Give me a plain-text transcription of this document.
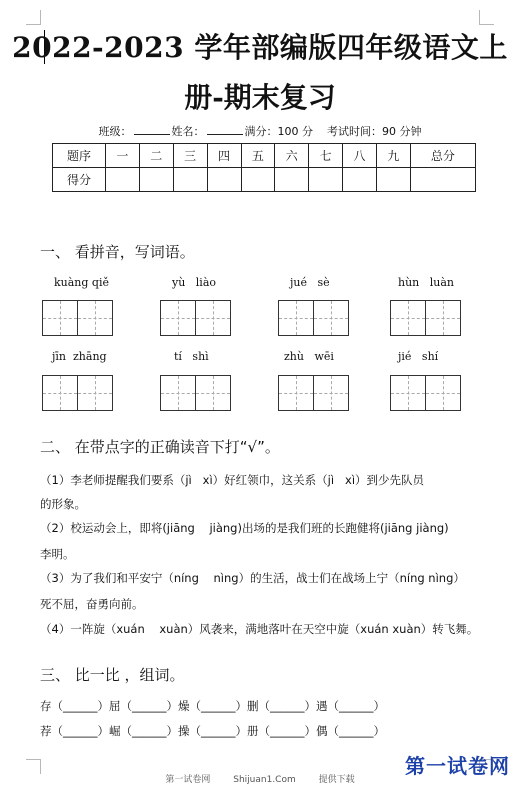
2022-2023 学年部编版四年级语文上
册-期末复习
班级：	姓名：	满分：100 分 考试时间：90 分钟
题序	一	二	三	四	五	六	七	八	九	总分
得分										
一、 看拼音，写词语。
kuàng qiě	yù   liào	jué   sè	hùn   luàn
jīn  zhāng	tí   shì	zhù   wēi	jié   shí
二、 在带点字的正确读音下打“√”。
（1）李老师提醒我们要系（jì   xì）好红领巾，这关系（jì   xì）到少先队员
的形象。
（2）校运动会上，即将(jiāng    jiàng)出场的是我们班的长跑健将(jiāng jiàng)
李明。
（3）为了我们和平安宁（níng    nìng）的生活，战士们在战场上宁（níng nìng）
死不屈，奋勇向前。
（4）一阵旋（xuán    xuàn）风袭来，满地落叶在天空中旋（xuán xuàn）转飞舞。
三、 比一比 ，组词。
存（______）屈（______）燥（______）删（______）遇（______）
荐（______）崛（______）操（______）册（______）偶（______）
第一试卷网
第一试卷网	Shijuan1.Com	提供下载
